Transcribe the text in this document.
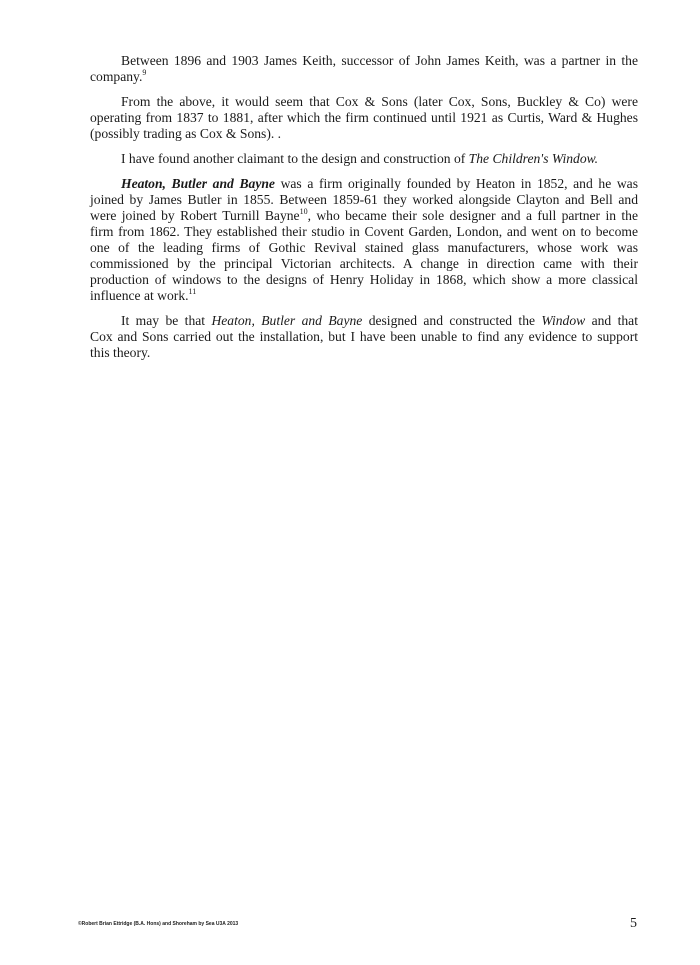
Between 1896 and 1903 James Keith, successor of John James Keith, was a partner in the
company.$^9$
From the above, it would seem that Cox & Sons (later Cox, Sons, Buckley & Co) were
operating from 1837 to 1881, after which the firm continued until 1921 as Curtis, Ward & Hughes
(possibly trading as Cox & Sons). .
I have found another claimant to the design and construction of The Children's Window.
Heaton, Butler and Bayne was a firm originally founded by Heaton in 1852, and he was
joined by James Butler in 1855. Between 1859-61 they worked alongside Clayton and Bell and
were joined by Robert Turnill Bayne$^{10}$, who became their sole designer and a full partner in the
firm from 1862. They established their studio in Covent Garden, London, and went on to become
one of the leading firms of Gothic Revival stained glass manufacturers, whose work was
commissioned by the principal Victorian architects. A change in direction came with their
production of windows to the designs of Henry Holiday in 1868, which show a more classical
influence at work.$^{11}$
It may be that Heaton, Butler and Bayne designed and constructed the Window and that
Cox and Sons carried out the installation, but I have been unable to find any evidence to support
this theory.
©Robert Brian Ettridge (B.A. Hons) and Shoreham by Sea U3A 2013	5
